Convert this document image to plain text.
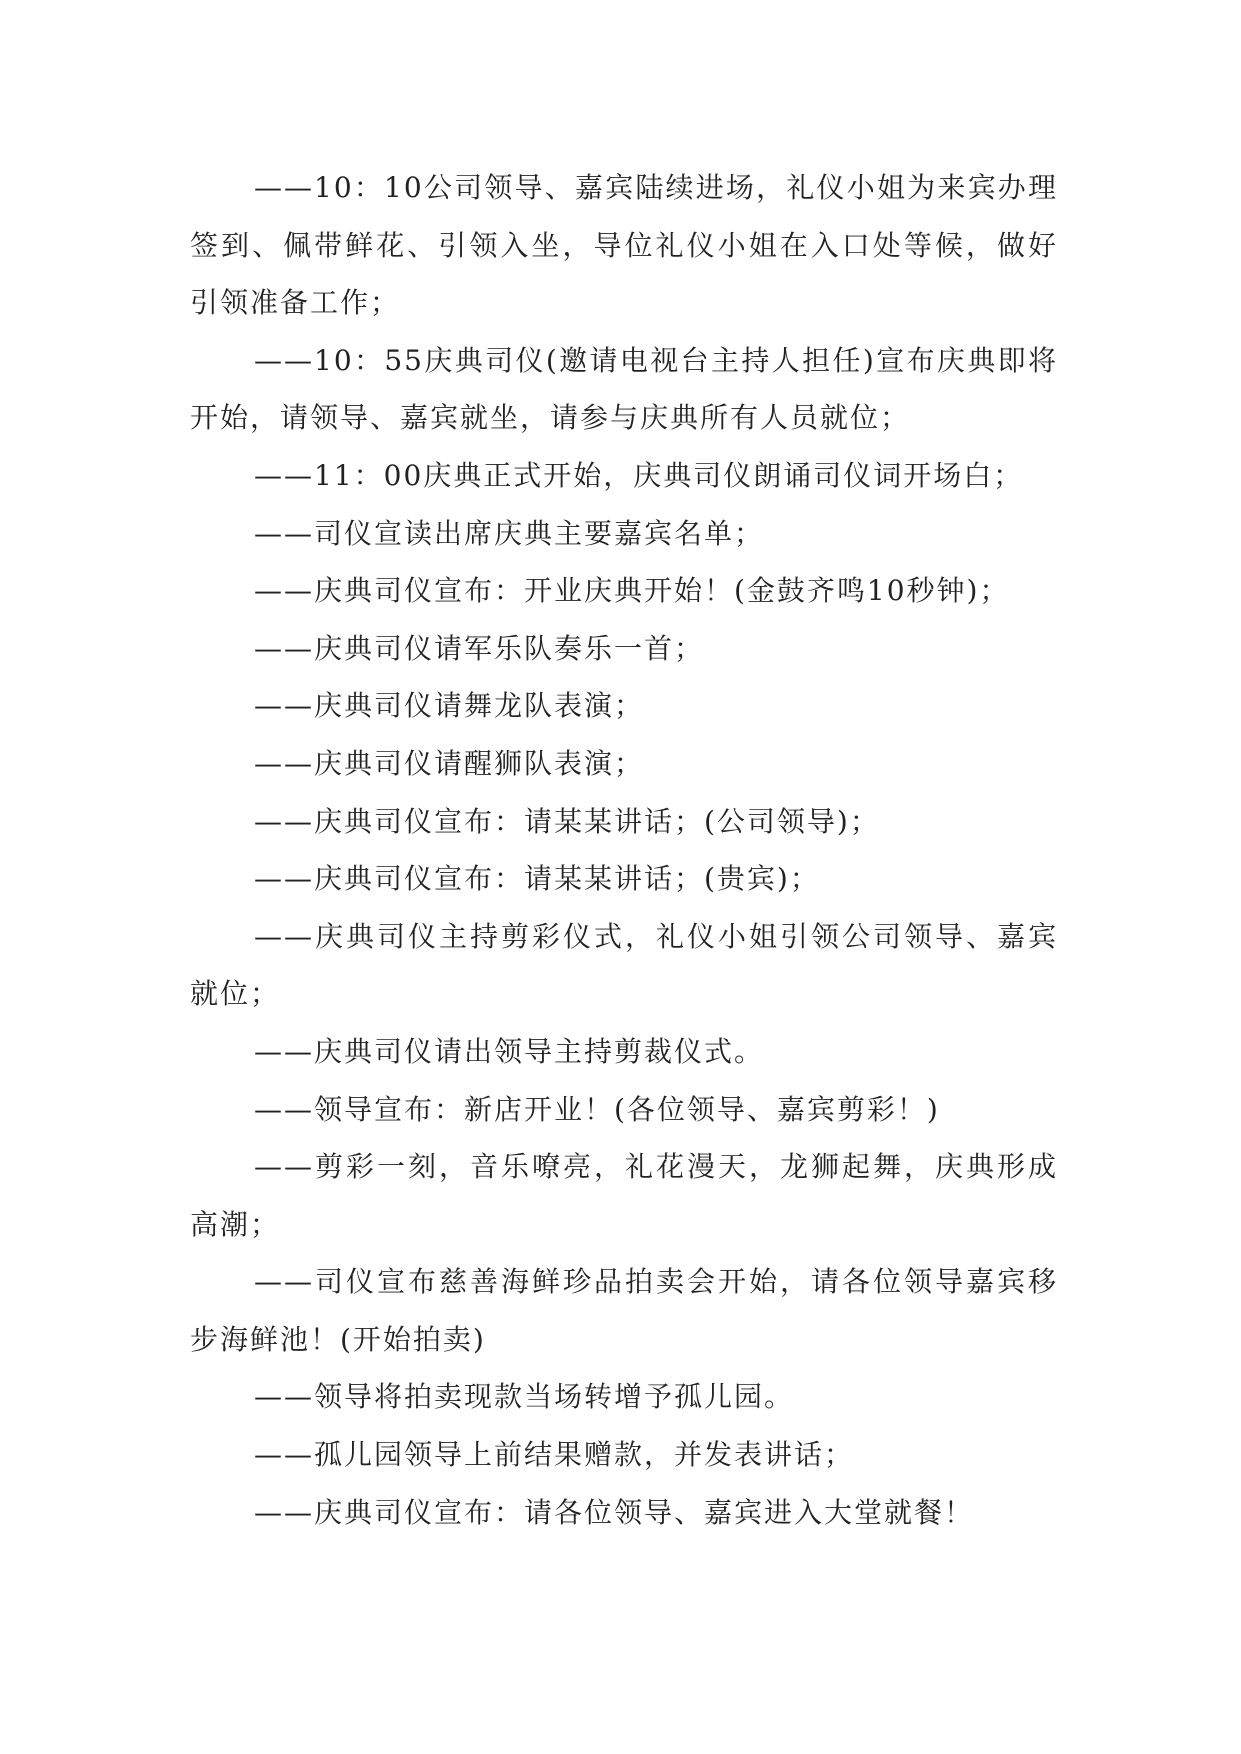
——10：10公司领导、嘉宾陆续进场，礼仪小姐为来宾办理签到、佩带鲜花、引领入坐，导位礼仪小姐在入口处等候，做好引领准备工作；

——10：55庆典司仪(邀请电视台主持人担任)宣布庆典即将开始，请领导、嘉宾就坐，请参与庆典所有人员就位；

——11：00庆典正式开始，庆典司仪朗诵司仪词开场白；

——司仪宣读出席庆典主要嘉宾名单；

——庆典司仪宣布：开业庆典开始！(金鼓齐鸣10秒钟)；

——庆典司仪请军乐队奏乐一首；

——庆典司仪请舞龙队表演；

——庆典司仪请醒狮队表演；

——庆典司仪宣布：请某某讲话；(公司领导)；

——庆典司仪宣布：请某某讲话；(贵宾)；

——庆典司仪主持剪彩仪式，礼仪小姐引领公司领导、嘉宾就位；

——庆典司仪请出领导主持剪裁仪式。

——领导宣布：新店开业！(各位领导、嘉宾剪彩！)

——剪彩一刻，音乐嘹亮，礼花漫天，龙狮起舞，庆典形成高潮；

——司仪宣布慈善海鲜珍品拍卖会开始，请各位领导嘉宾移步海鲜池！(开始拍卖)

——领导将拍卖现款当场转增予孤儿园。

——孤儿园领导上前结果赠款，并发表讲话；

——庆典司仪宣布：请各位领导、嘉宾进入大堂就餐！
